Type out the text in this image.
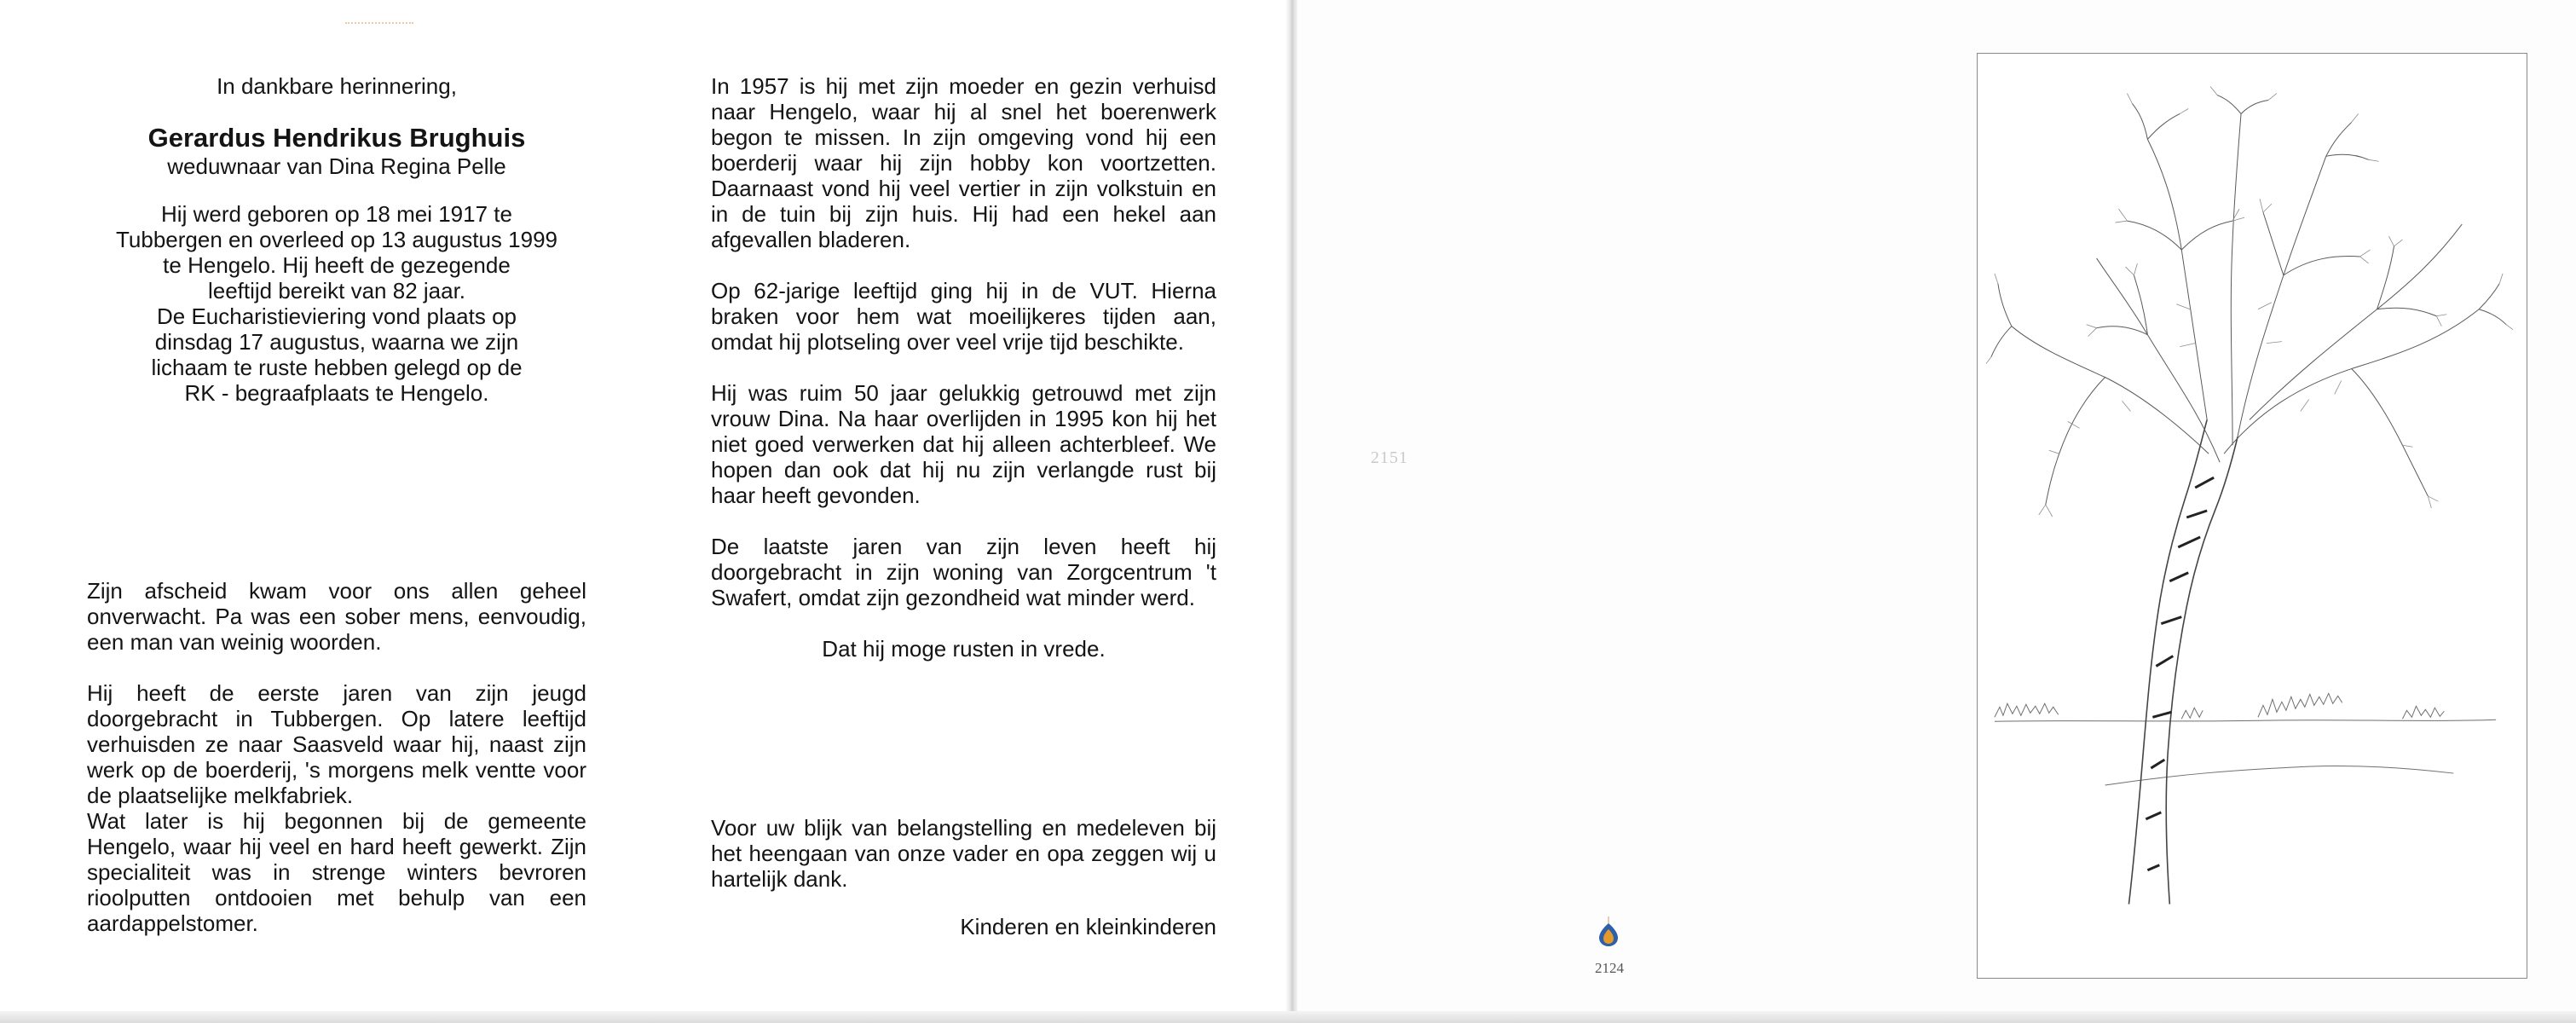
In dankbare herinnering,

Gerardus Hendrikus Brughuis

weduwnaar van Dina Regina Pelle

Hij werd geboren op 18 mei 1917 te

Tubbergen en overleed op 13 augustus 1999

te Hengelo. Hij heeft de gezegende

leeftijd bereikt van 82 jaar.

De Eucharistieviering vond plaats op

dinsdag 17 augustus, waarna we zijn

lichaam te ruste hebben gelegd op de

RK - begraafplaats te Hengelo.

Zijn afscheid kwam voor ons allen geheel onverwacht. Pa was een sober mens, eenvoudig, een man van weinig woorden.

Hij heeft de eerste jaren van zijn jeugd doorgebracht in Tubbergen. Op latere leeftijd verhuisden ze naar Saasveld waar hij, naast zijn werk op de boerderij, 's morgens melk ventte voor de plaatselijke melkfabriek.

Wat later is hij begonnen bij de gemeente Hengelo, waar hij veel en hard heeft gewerkt. Zijn specialiteit was in strenge winters bevroren rioolputten ontdooien met behulp van een aardappelstomer.

In 1957 is hij met zijn moeder en gezin verhuisd naar Hengelo, waar hij al snel het boerenwerk begon te missen. In zijn omgeving vond hij een boerderij waar hij zijn hobby kon voortzetten. Daarnaast vond hij veel vertier in zijn volkstuin en in de tuin bij zijn huis. Hij had een hekel aan afgevallen bladeren.

Op 62-jarige leeftijd ging hij in de VUT. Hierna braken voor hem wat moeilijkeres tijden aan, omdat hij plotseling over veel vrije tijd beschikte.

Hij was ruim 50 jaar gelukkig getrouwd met zijn vrouw Dina. Na haar overlijden in 1995 kon hij het niet goed verwerken dat hij alleen achterbleef. We hopen dan ook dat hij nu zijn verlangde rust bij haar heeft gevonden.

De laatste jaren van zijn leven heeft hij doorgebracht in zijn woning van Zorgcentrum 't Swafert, omdat zijn gezondheid wat minder werd.

Dat hij moge rusten in vrede.

Voor uw blijk van belangstelling en medeleven bij het heengaan van onze vader en opa zeggen wij u hartelijk dank.

Kinderen en kleinkinderen

2151
2124
